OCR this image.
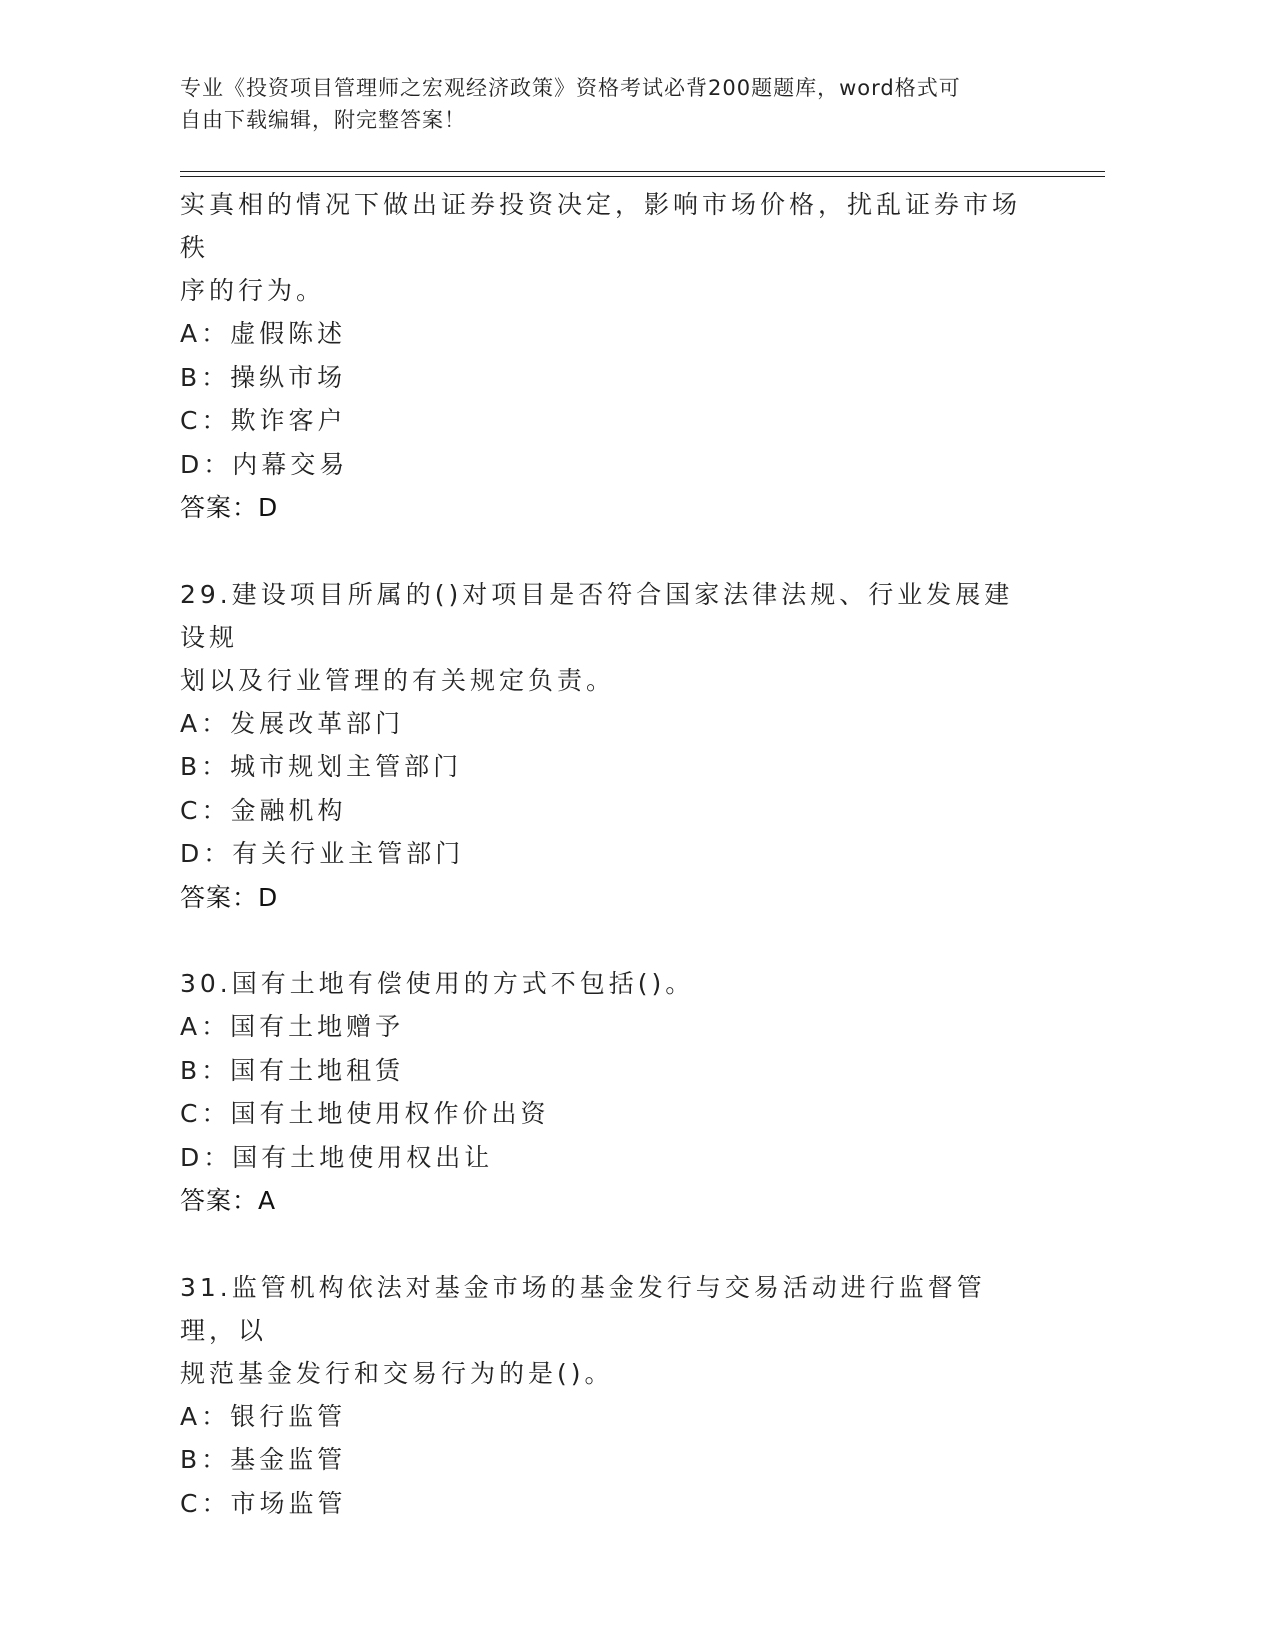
专业《投资项目管理师之宏观经济政策》资格考试必背200题题库，word格式可
自由下载编辑，附完整答案！
实真相的情况下做出证券投资决定，影响市场价格，扰乱证券市场秩
序的行为。
A：虚假陈述
B：操纵市场
C：欺诈客户
D：内幕交易
答案：D
29.建设项目所属的()对项目是否符合国家法律法规、行业发展建设规
划以及行业管理的有关规定负责。
A：发展改革部门
B：城市规划主管部门
C：金融机构
D：有关行业主管部门
答案：D
30.国有土地有偿使用的方式不包括()。
A：国有土地赠予
B：国有土地租赁
C：国有土地使用权作价出资
D：国有土地使用权出让
答案：A
31.监管机构依法对基金市场的基金发行与交易活动进行监督管理，以
规范基金发行和交易行为的是()。
A：银行监管
B：基金监管
C：市场监管
